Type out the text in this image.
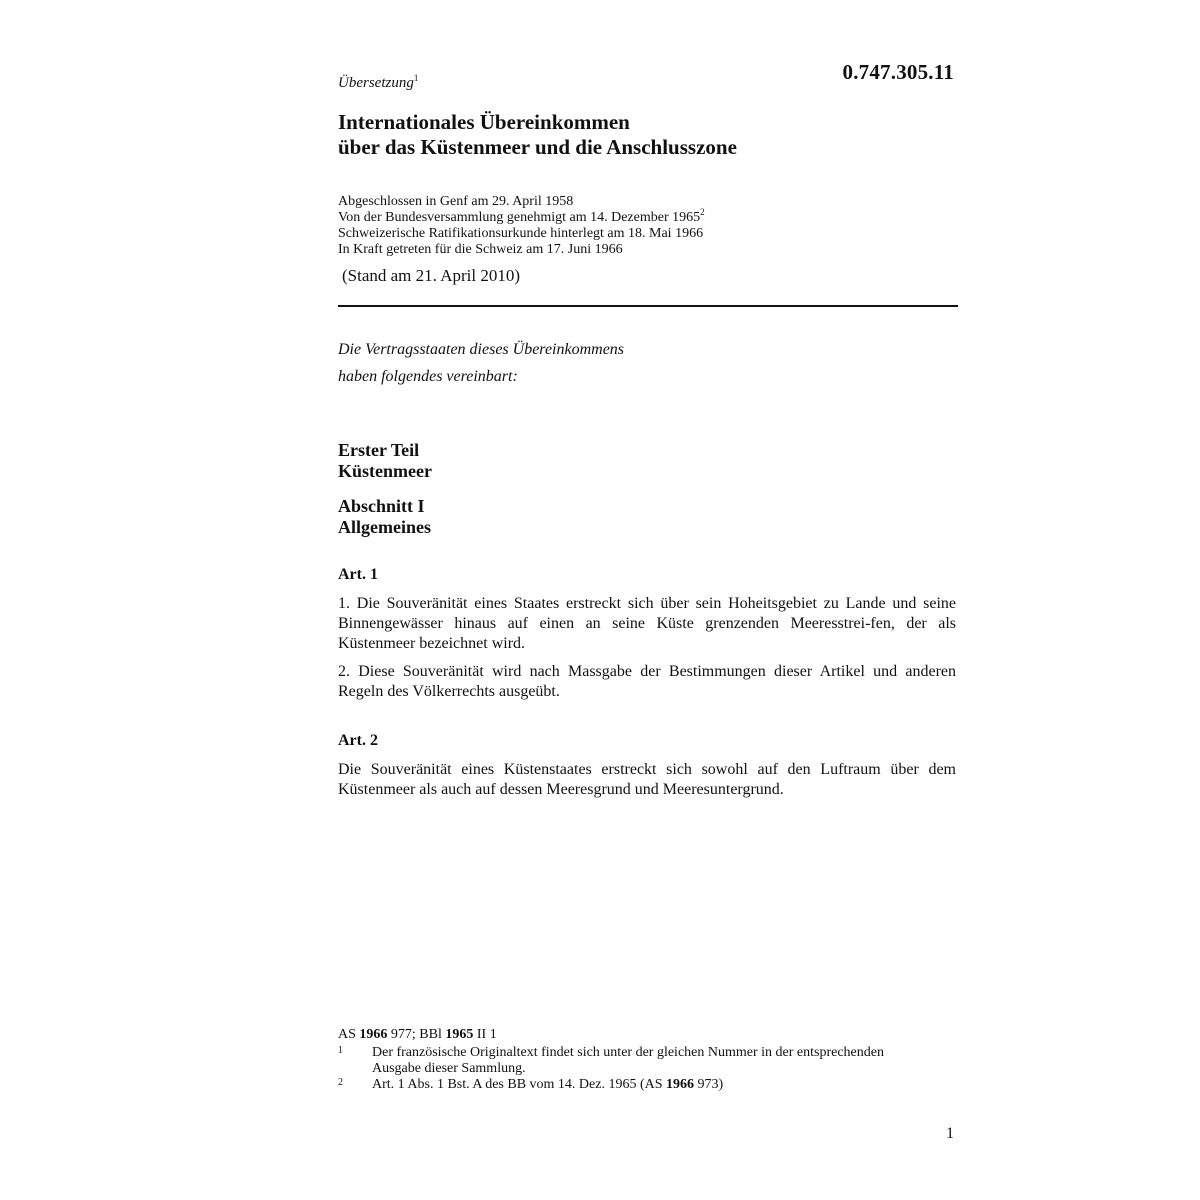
0.747.305.11
Übersetzung$^1$
Internationales Übereinkommen
über das Küstenmeer und die Anschlusszone
Abgeschlossen in Genf am 29. April 1958
Von der Bundesversammlung genehmigt am 14. Dezember 1965$^2$
Schweizerische Ratifikationsurkunde hinterlegt am 18. Mai 1966
In Kraft getreten für die Schweiz am 17. Juni 1966
(Stand am 21. April 2010)
Die Vertragsstaaten dieses Übereinkommens
haben folgendes vereinbart:
Erster Teil
Küstenmeer
Abschnitt I
Allgemeines
Art. 1
1. Die Souveränität eines Staates erstreckt sich über sein Hoheitsgebiet zu Lande und seine Binnengewässer hinaus auf einen an seine Küste grenzenden Meeresstrei-fen, der als Küstenmeer bezeichnet wird.
2. Diese Souveränität wird nach Massgabe der Bestimmungen dieser Artikel und anderen Regeln des Völkerrechts ausgeübt.
Art. 2
Die Souveränität eines Küstenstaates erstreckt sich sowohl auf den Luftraum über dem Küstenmeer als auch auf dessen Meeresgrund und Meeresuntergrund.
AS 1966 977; BBl 1965 II 1
1 Der französische Originaltext findet sich unter der gleichen Nummer in der entsprechenden Ausgabe dieser Sammlung.
2 Art. 1 Abs. 1 Bst. A des BB vom 14. Dez. 1965 (AS 1966 973)
1
